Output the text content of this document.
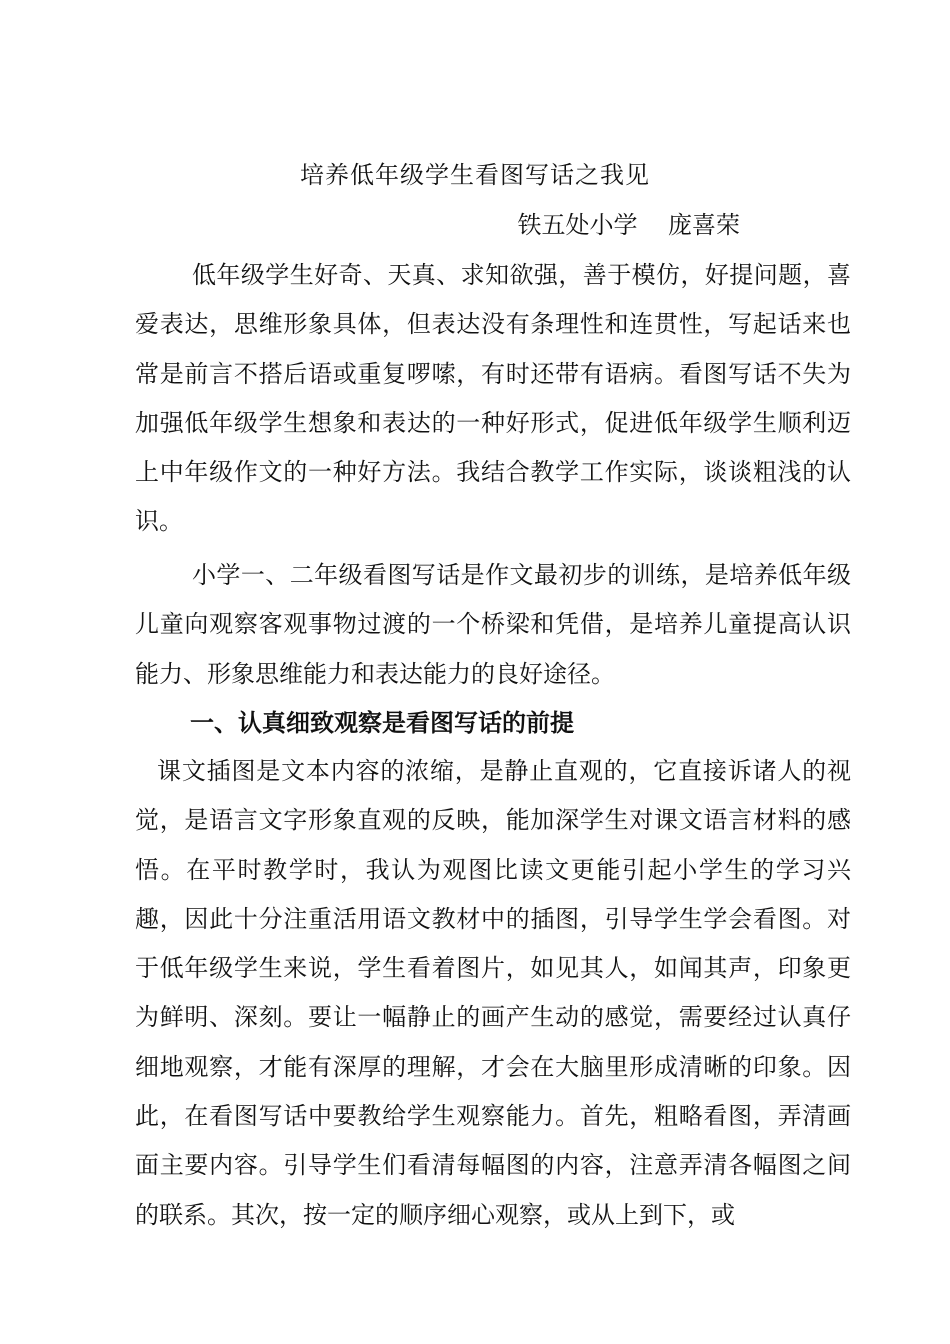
培养低年级学生看图写话之我见
铁五处小学    庞喜荣

低年级学生好奇、天真、求知欲强，善于模仿，好提问题，喜爱表达，思维形象具体，但表达没有条理性和连贯性，写起话来也常是前言不搭后语或重复啰嗦，有时还带有语病。看图写话不失为加强低年级学生想象和表达的一种好形式，促进低年级学生顺利迈上中年级作文的一种好方法。我结合教学工作实际，谈谈粗浅的认识。

小学一、二年级看图写话是作文最初步的训练，是培养低年级儿童向观察客观事物过渡的一个桥梁和凭借，是培养儿童提高认识能力、形象思维能力和表达能力的良好途径。

一、认真细致观察是看图写话的前提

课文插图是文本内容的浓缩，是静止直观的，它直接诉诸人的视觉，是语言文字形象直观的反映，能加深学生对课文语言材料的感悟。在平时教学时，我认为观图比读文更能引起小学生的学习兴趣，因此十分注重活用语文教材中的插图，引导学生学会看图。对于低年级学生来说，学生看着图片，如见其人，如闻其声，印象更为鲜明、深刻。要让一幅静止的画产生动的感觉，需要经过认真仔细地观察，才能有深厚的理解，才会在大脑里形成清晰的印象。因此，在看图写话中要教给学生观察能力。首先，粗略看图，弄清画面主要内容。引导学生们看清每幅图的内容，注意弄清各幅图之间的联系。其次，按一定的顺序细心观察，或从上到下，或
